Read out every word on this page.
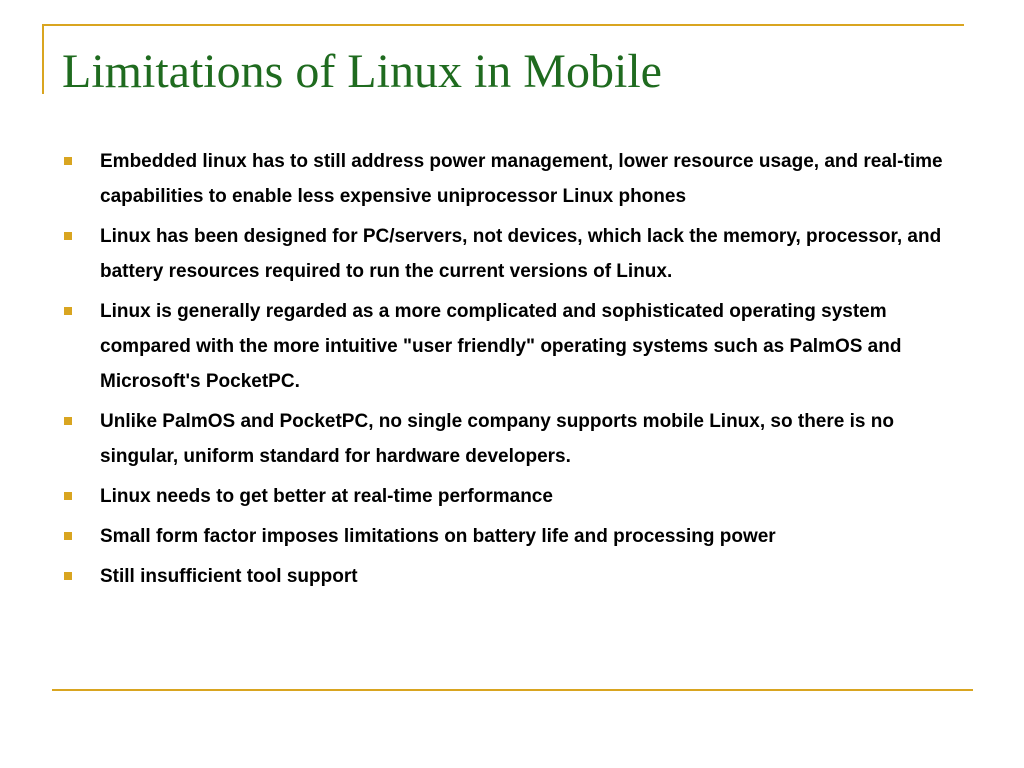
Limitations of Linux in Mobile
Embedded linux has to still address power management, lower resource usage, and real-time capabilities to enable less expensive uniprocessor Linux phones
Linux has been designed for PC/servers, not devices, which lack the memory, processor, and battery resources required to run the current versions of Linux.
Linux is generally regarded as a more complicated and sophisticated operating system compared with the more intuitive "user friendly" operating systems such as PalmOS and Microsoft's PocketPC.
Unlike PalmOS and PocketPC, no single company supports mobile Linux, so there is no singular, uniform standard for hardware developers.
Linux needs to get better at real-time performance
Small form factor imposes limitations on battery life and processing power
Still insufficient tool support
